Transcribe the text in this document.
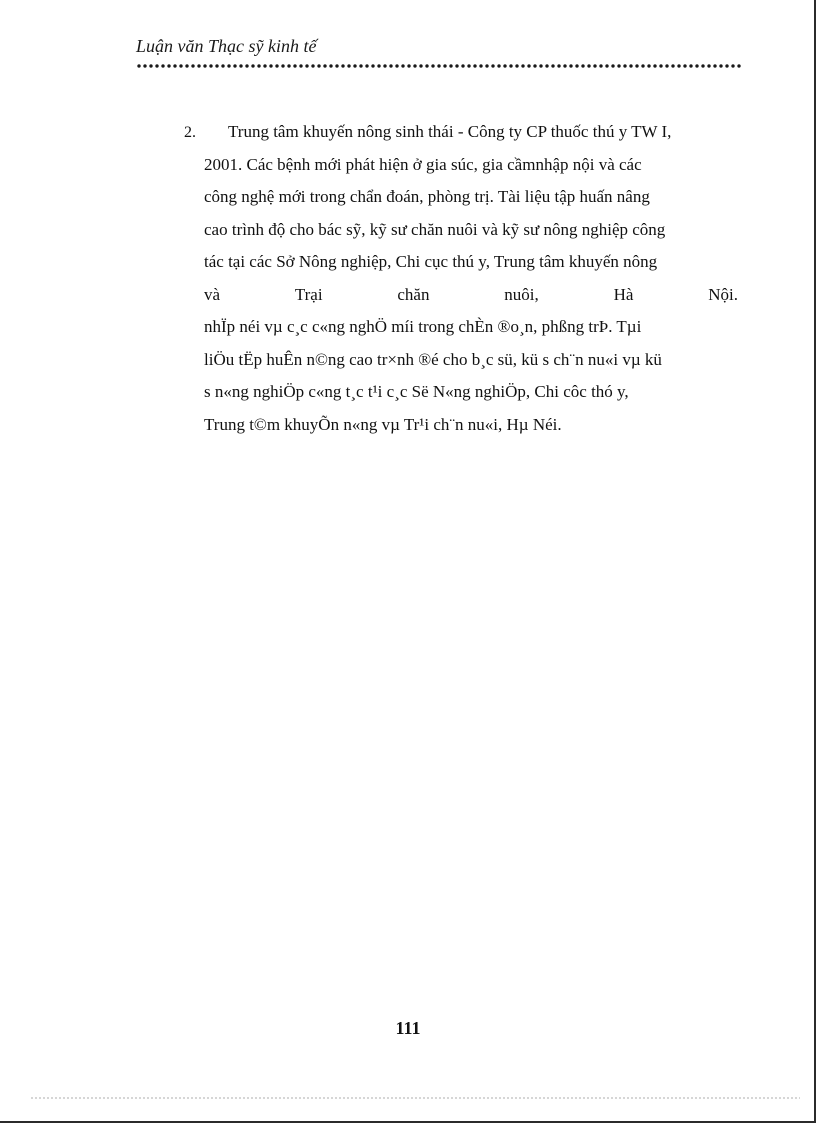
Luận văn Thạc sỹ kinh tế
2.	Trung tâm khuyến nông sinh thái - Công ty CP thuốc thú y TW I,
2001. Các bệnh mới phát hiện ở gia súc, gia cầmnhập nội và các
công nghệ mới trong chẩn đoán, phòng trị. Tài liệu tập huấn nâng
cao trình độ cho bác sỹ, kỹ sư chăn nuôi và kỹ sư nông nghiệp công
tác tại các Sở Nông nghiệp, Chi cục thú y, Trung tâm khuyến nông
và	Trại	chăn	nuôi,	Hà	Nội.
nhÏp néi vµ c¸c c«ng nghÖ míi trong chÈn ®o¸n, phßng trÞ. Tµi
liÖu tËp huÊn n©ng cao tr×nh ®é cho b¸c sü, kü s ch¨n nu«i vµ kü
s n«ng nghiÖp c«ng t¸c t¹i c¸c Së N«ng nghiÖp, Chi côc thó y,
Trung t©m khuyÕn n«ng vµ Tr¹i ch¨n nu«i, Hµ Néi.
111
